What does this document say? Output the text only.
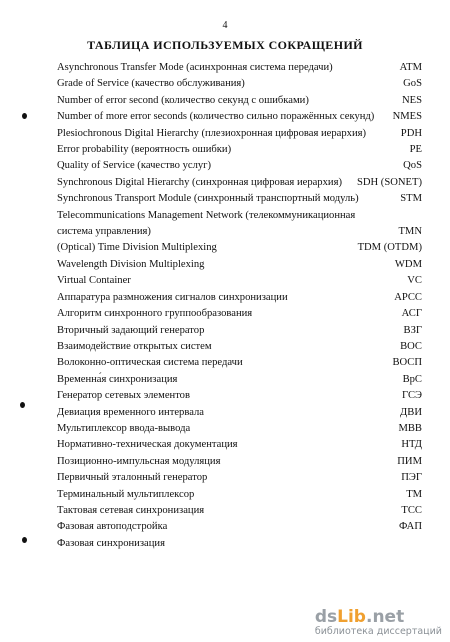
4
ТАБЛИЦА ИСПОЛЬЗУЕМЫХ СОКРАЩЕНИЙ
Asynchronous Transfer Mode (асинхронная система передачи)	ATM
Grade of Service (качество обслуживания)	GoS
Number of error second (количество секунд с ошибками)	NES
Number of more error seconds (количество сильно поражённых секунд)	NMES
Plesiochronous Digital Hierarchy (плезиохронная цифровая иерархия)	PDH
Error probability (вероятность ошибки)	PE
Quality of Service (качество услуг)	QoS
Synchronous Digital Hierarchy (синхронная цифровая иерархия)	SDH (SONET)
Synchronous Transport Module (синхронный транспортный модуль)	STM
Telecommunications Management Network (телекоммуникационная система управления)	TMN
(Optical) Time Division Multiplexing	TDM (OTDM)
Wavelength Division Multiplexing	WDM
Virtual Container	VC
Аппаратура размножения сигналов синхронизации	АРСС
Алгоритм синхронного группообразования	АСГ
Вторичный задающий генератор	ВЗГ
Взаимодействие открытых систем	ВОС
Волоконно-оптическая система передачи	ВОСП
Временна́я синхронизация	ВрС
Генератор сетевых элементов	ГСЭ
Девиация временного интервала	ДВИ
Мультиплексор ввода-вывода	МВВ
Нормативно-техническая документация	НТД
Позиционно-импульсная модуляция	ПИМ
Первичный эталонный генератор	ПЭГ
Терминальный мультиплексор	ТМ
Тактовая сетевая синхронизация	ТСС
Фазовая автоподстройка	ФАП
Фазовая синхронизация
dsLib.net
библиотека диссертаций
